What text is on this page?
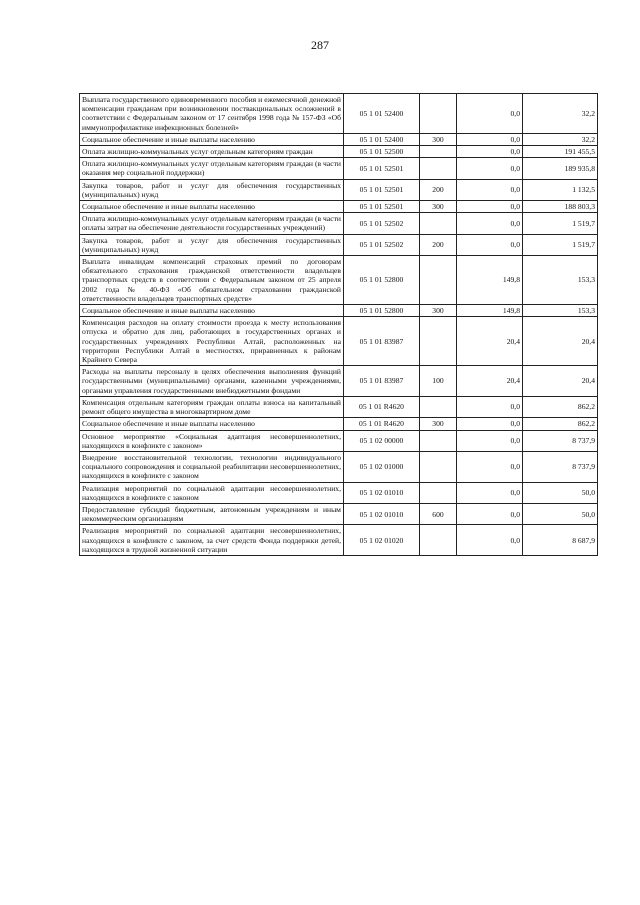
287
Выплата государственного единовременного пособия и ежемесячной денежной компенсации гражданам при возникновении поствакцинальных осложнений в соответствии с Федеральным законом от 17 сентября 1998 года № 157-ФЗ «Об иммунопрофилактике инфекционных болезней»	05 1 01 52400		0,0	32,2
Социальное обеспечение и иные выплаты населению	05 1 01 52400	300	0,0	32,2
Оплата жилищно-коммунальных услуг отдельным категориям граждан	05 1 01 52500		0,0	191 455,5
Оплата жилищно-коммунальных услуг отдельным категориям граждан (в части оказания мер социальной поддержки)	05 1 01 52501		0,0	189 935,8
Закупка товаров, работ и услуг для обеспечения государственных (муниципальных) нужд	05 1 01 52501	200	0,0	1 132,5
Социальное обеспечение и иные выплаты населению	05 1 01 52501	300	0,0	188 803,3
Оплата жилищно-коммунальных услуг отдельным категориям граждан (в части оплаты затрат на обеспечение деятельности государственных учреждений)	05 1 01 52502		0,0	1 519,7
Закупка товаров, работ и услуг для обеспечения государственных (муниципальных) нужд	05 1 01 52502	200	0,0	1 519,7
Выплата инвалидам компенсаций страховых премий по договорам обязательного страхования гражданской ответственности владельцев транспортных средств в соответствии с Федеральным законом от 25 апреля 2002 года № 40-ФЗ «Об обязательном страховании гражданской ответственности владельцев транспортных средств»	05 1 01 52800		149,8	153,3
Социальное обеспечение и иные выплаты населению	05 1 01 52800	300	149,8	153,3
Компенсация расходов на оплату стоимости проезда к месту использования отпуска и обратно для лиц, работающих в государственных органах и государственных учреждениях Республики Алтай, расположенных на территории Республики Алтай в местностях, приравненных к районам Крайнего Севера	05 1 01 83987		20,4	20,4
Расходы на выплаты персоналу в целях обеспечения выполнения функций государственными (муниципальными) органами, казенными учреждениями, органами управления государственными внебюджетными фондами	05 1 01 83987	100	20,4	20,4
Компенсация отдельным категориям граждан оплаты взноса на капитальный ремонт общего имущества в многоквартирном доме	05 1 01 R4620		0,0	862,2
Социальное обеспечение и иные выплаты населению	05 1 01 R4620	300	0,0	862,2
Основное мероприятие «Социальная адаптация несовершеннолетних, находящихся в конфликте с законом»	05 1 02 00000		0,0	8 737,9
Внедрение восстановительной технологии, технологии индивидуального социального сопровождения и социальной реабилитации несовершеннолетних, находящихся в конфликте с законом	05 1 02 01000		0,0	8 737,9
Реализация мероприятий по социальной адаптации несовершеннолетних, находящихся в конфликте с законом	05 1 02 01010		0,0	50,0
Предоставление субсидий бюджетным, автономным учреждениям и иным некоммерческим организациям	05 1 02 01010	600	0,0	50,0
Реализация мероприятий по социальной адаптации несовершеннолетних, находящихся в конфликте с законом, за счет средств Фонда поддержки детей, находящихся в трудной жизненной ситуации	05 1 02 01020		0,0	8 687,9
